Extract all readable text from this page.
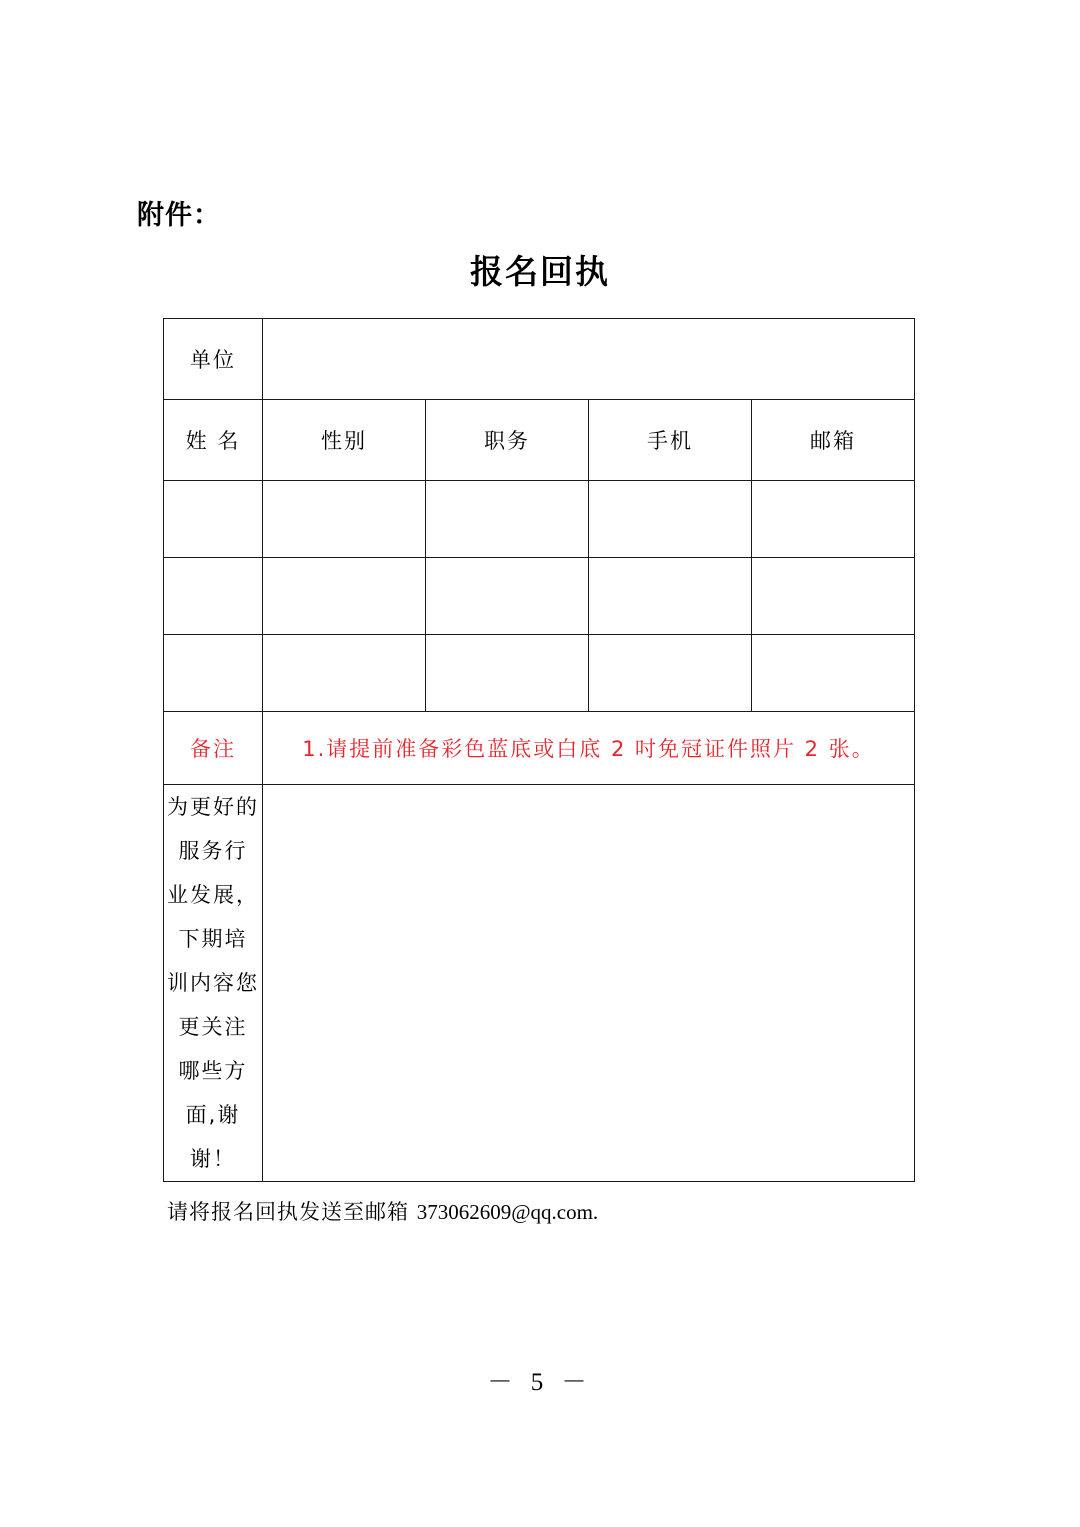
附件：
报名回执
单位				
姓 名	性别	职务	手机	邮箱

备注	1.请提前准备彩色蓝底或白底 2 吋免冠证件照片 2 张。			

为更好的服务行
业发展，下期培
训内容您更关注
哪些方面,谢谢！				

请将报名回执发送至邮箱 373062609@qq.com.
－ 5 －
